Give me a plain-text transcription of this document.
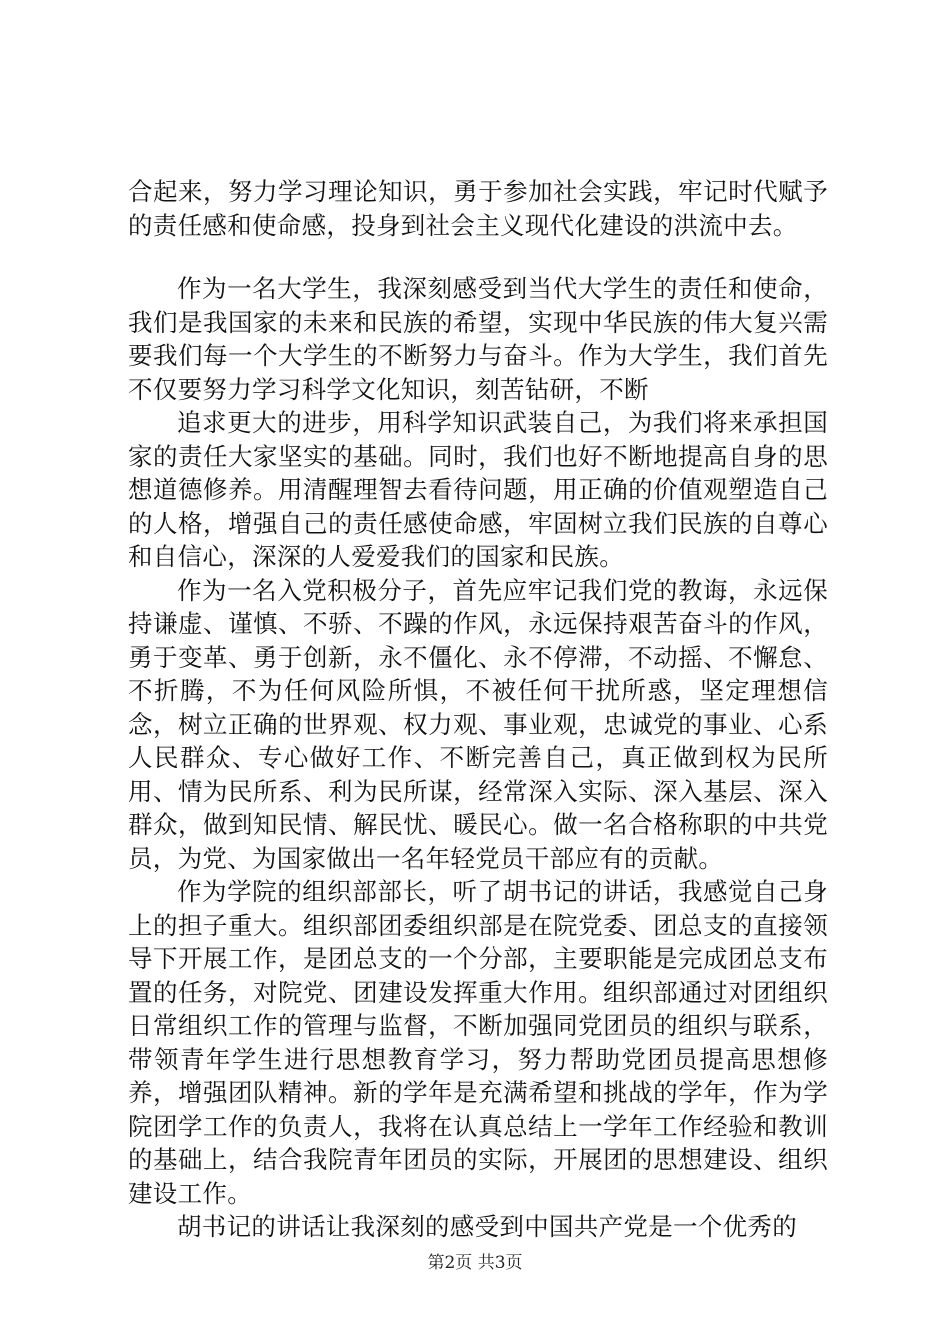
合起来，努力学习理论知识，勇于参加社会实践，牢记时代赋予的责任感和使命感，投身到社会主义现代化建设的洪流中去。

作为一名大学生，我深刻感受到当代大学生的责任和使命，我们是我国家的未来和民族的希望，实现中华民族的伟大复兴需要我们每一个大学生的不断努力与奋斗。作为大学生，我们首先不仅要努力学习科学文化知识，刻苦钻研，不断

追求更大的进步，用科学知识武装自己，为我们将来承担国家的责任大家坚实的基础。同时，我们也好不断地提高自身的思想道德修养。用清醒理智去看待问题，用正确的价值观塑造自己的人格，增强自己的责任感使命感，牢固树立我们民族的自尊心和自信心，深深的人爱爱我们的国家和民族。

作为一名入党积极分子，首先应牢记我们党的教诲，永远保持谦虚、谨慎、不骄、不躁的作风，永远保持艰苦奋斗的作风，勇于变革、勇于创新，永不僵化、永不停滞，不动摇、不懈怠、不折腾，不为任何风险所惧，不被任何干扰所惑，坚定理想信念，树立正确的世界观、权力观、事业观，忠诚党的事业、心系人民群众、专心做好工作、不断完善自己，真正做到权为民所用、情为民所系、利为民所谋，经常深入实际、深入基层、深入群众，做到知民情、解民忧、暖民心。做一名合格称职的中共党员，为党、为国家做出一名年轻党员干部应有的贡献。

作为学院的组织部部长，听了胡书记的讲话，我感觉自己身上的担子重大。组织部团委组织部是在院党委、团总支的直接领导下开展工作，是团总支的一个分部，主要职能是完成团总支布置的任务，对院党、团建设发挥重大作用。组织部通过对团组织日常组织工作的管理与监督，不断加强同党团员的组织与联系，带领青年学生进行思想教育学习，努力帮助党团员提高思想修养，增强团队精神。新的学年是充满希望和挑战的学年，作为学院团学工作的负责人，我将在认真总结上一学年工作经验和教训的基础上，结合我院青年团员的实际，开展团的思想建设、组织建设工作。

胡书记的讲话让我深刻的感受到中国共产党是一个优秀的

第2页 共3页
